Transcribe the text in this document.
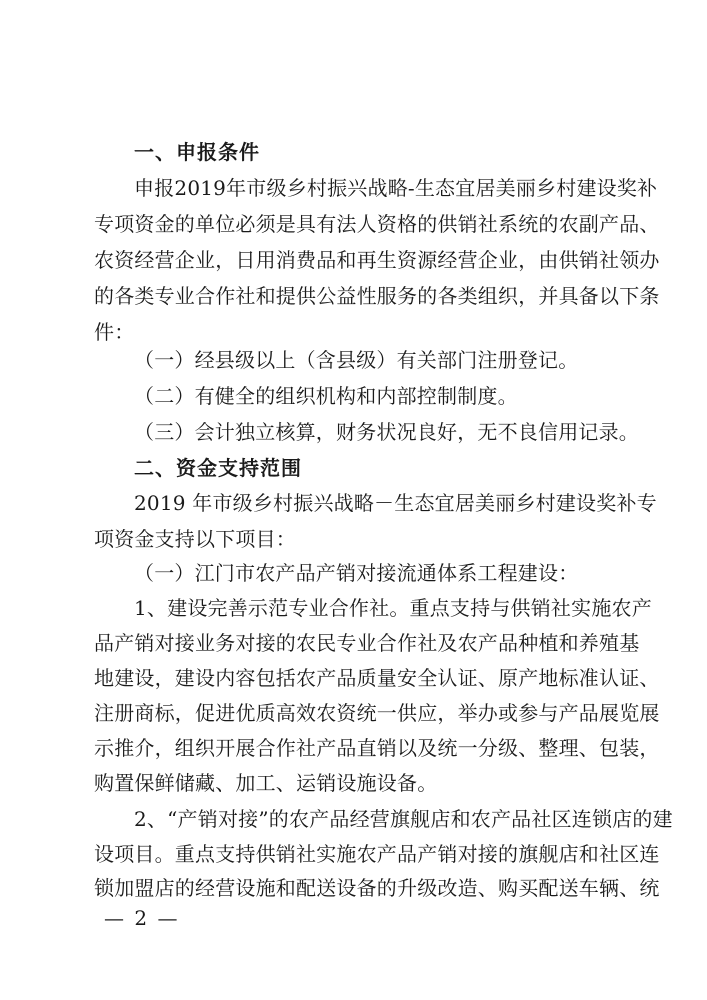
一、申报条件
申报2019年市级乡村振兴战略-生态宜居美丽乡村建设奖补
专项资金的单位必须是具有法人资格的供销社系统的农副产品、
农资经营企业，日用消费品和再生资源经营企业，由供销社领办
的各类专业合作社和提供公益性服务的各类组织，并具备以下条
件：
（一）经县级以上（含县级）有关部门注册登记。
（二）有健全的组织机构和内部控制制度。
（三）会计独立核算，财务状况良好，无不良信用记录。
二、资金支持范围
2019 年市级乡村振兴战略－生态宜居美丽乡村建设奖补专
项资金支持以下项目：
（一）江门市农产品产销对接流通体系工程建设：
1、建设完善示范专业合作社。重点支持与供销社实施农产
品产销对接业务对接的农民专业合作社及农产品种植和养殖基
地建设，建设内容包括农产品质量安全认证、原产地标准认证、
注册商标，促进优质高效农资统一供应，举办或参与产品展览展
示推介，组织开展合作社产品直销以及统一分级、整理、包装，
购置保鲜储藏、加工、运销设施设备。
2、“产销对接”的农产品经营旗舰店和农产品社区连锁店的建
设项目。重点支持供销社实施农产品产销对接的旗舰店和社区连
锁加盟店的经营设施和配送设备的升级改造、购买配送车辆、统
— 2 —
